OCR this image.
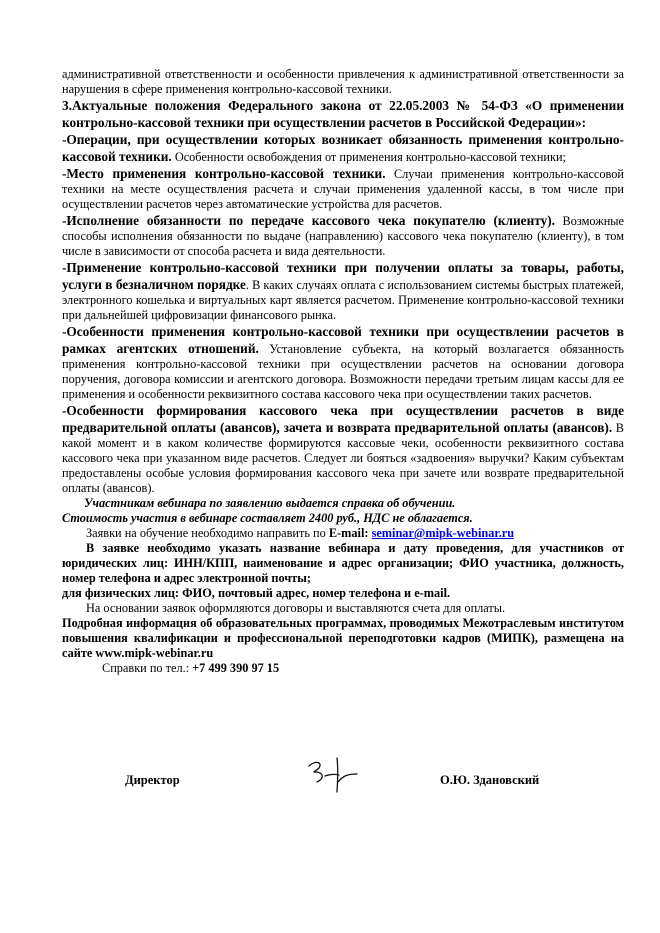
административной ответственности и особенности привлечения к административной ответственности за нарушения в сфере применения контрольно-кассовой техники.

3.Актуальные положения Федерального закона от 22.05.2003 № 54-ФЗ «О применении контрольно-кассовой техники при осуществлении расчетов в Российской Федерации»:

-Операции, при осуществлении которых возникает обязанность применения контрольно-кассовой техники. Особенности освобождения от применения контрольно-кассовой техники;

-Место применения контрольно-кассовой техники. Случаи применения контрольно-кассовой техники на месте осуществления расчета и случаи применения удаленной кассы, в том числе при осуществлении расчетов через автоматические устройства для расчетов.

-Исполнение обязанности по передаче кассового чека покупателю (клиенту). Возможные способы исполнения обязанности по выдаче (направлению) кассового чека покупателю (клиенту), в том числе в зависимости от способа расчета и вида деятельности.

-Применение контрольно-кассовой техники при получении оплаты за товары, работы, услуги в безналичном порядке. В каких случаях оплата с использованием системы быстрых платежей, электронного кошелька и виртуальных карт является расчетом. Применение контрольно-кассовой техники при дальнейшей цифровизации финансового рынка.

-Особенности применения контрольно-кассовой техники при осуществлении расчетов в рамках агентских отношений. Установление субъекта, на который возлагается обязанность применения контрольно-кассовой техники при осуществлении расчетов на основании договора поручения, договора комиссии и агентского договора. Возможности передачи третьим лицам кассы для ее применения и особенности реквизитного состава кассового чека при осуществлении таких расчетов.

-Особенности формирования кассового чека при осуществлении расчетов в виде предварительной оплаты (авансов), зачета и возврата предварительной оплаты (авансов). В какой момент и в каком количестве формируются кассовые чеки, особенности реквизитного состава кассового чека при указанном виде расчетов. Следует ли бояться «задвоения» выручки? Каким субъектам предоставлены особые условия формирования кассового чека при зачете или возврате предварительной оплаты (авансов).

Участникам вебинара по заявлению выдается справка об обучении.

Стоимость участия в вебинаре составляет 2400 руб., НДС не облагается.

Заявки на обучение необходимо направить по E-mail: seminar@mipk-webinar.ru

В заявке необходимо указать название вебинара и дату проведения, для участников от юридических лиц: ИНН/КПП, наименование и адрес организации; ФИО участника, должность, номер телефона и адрес электронной почты;

для физических лиц: ФИО, почтовый адрес, номер телефона и e-mail.

На основании заявок оформляются договоры и выставляются счета для оплаты.

Подробная информация об образовательных программах, проводимых Межотраслевым институтом повышения квалификации и профессиональной переподготовки кадров (МИПК), размещена на сайте www.mipk-webinar.ru

Справки по тел.: +7 499 390 97 15

Директор	О.Ю. Здановский
